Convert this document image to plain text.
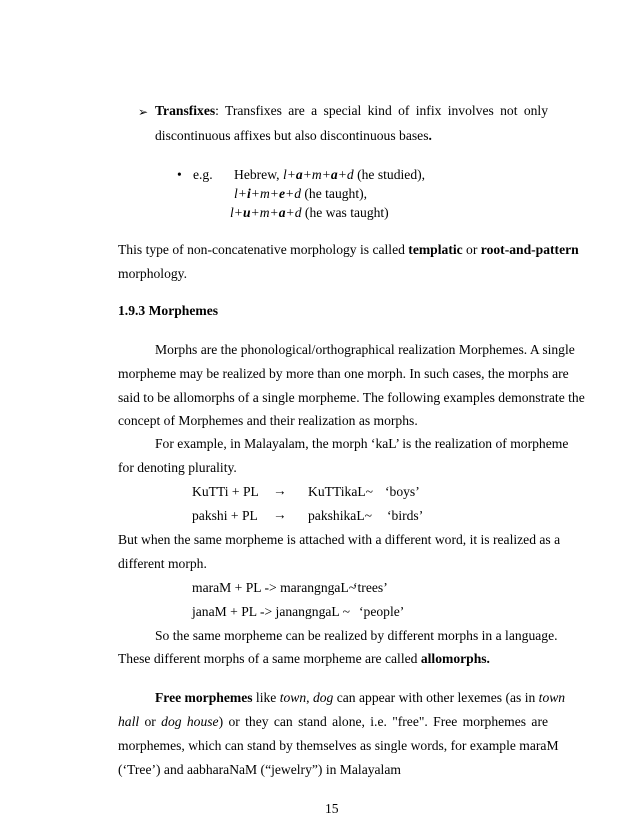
➢ Transfixes: Transfixes are a special kind of infix involves not only
discontinuous affixes but also discontinuous bases.
• e.g. Hebrew, l+a+m+a+d (he studied),
l+i+m+e+d (he taught),
l+u+m+a+d (he was taught)
This type of non-concatenative morphology is called templatic or root-and-pattern
morphology.
1.9.3 Morphemes
Morphs are the phonological/orthographical realization Morphemes. A single
morpheme may be realized by more than one morph. In such cases, the morphs are
said to be allomorphs of a single morpheme. The following examples demonstrate the
concept of Morphemes and their realization as morphs.
For example, in Malayalam, the morph ‘kaL’ is the realization of morpheme
for denoting plurality.
KuTTi + PL → KuTTikaL~ ‘boys’
pakshi + PL → pakshikaL~ ‘birds’
But when the same morpheme is attached with a different word, it is realized as a
different morph.
maraM + PL -> marangngaL~
‘trees’
janaM + PL -> janangngaL ~ ‘people’
So the same morpheme can be realized by different morphs in a language.
These different morphs of a same morpheme are called allomorphs.
Free morphemes like town, dog can appear with other lexemes (as in town
hall or dog house) or they can stand alone, i.e. "free". Free morphemes are
morphemes, which can stand by themselves as single words, for example maraM
(‘Tree’) and aabharaNaM (“jewelry”) in Malayalam
15
